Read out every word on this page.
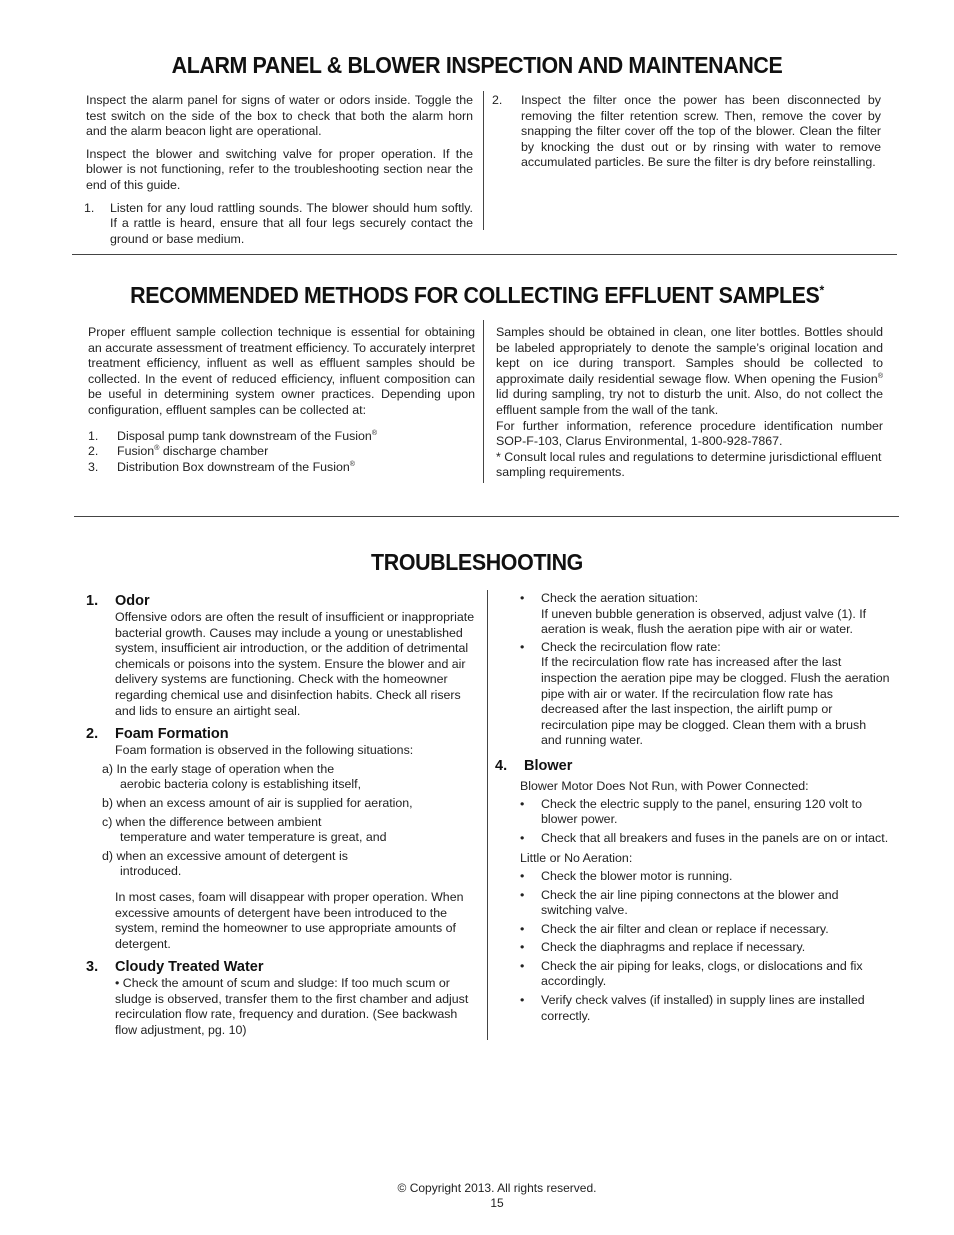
ALARM PANEL & BLOWER INSPECTION AND MAINTENANCE

Inspect the alarm panel for signs of water or odors inside. Toggle the test switch on the side of the box to check that both the alarm horn and the alarm beacon light are operational.

Inspect the blower and switching valve for proper operation. If the blower is not functioning, refer to the troubleshooting section near the end of this guide.

1. Listen for any loud rattling sounds. The blower should hum softly. If a rattle is heard, ensure that all four legs securely contact the ground or base medium.
2. Inspect the filter once the power has been disconnected by removing the filter retention screw. Then, remove the cover by snapping the filter cover off the top of the blower. Clean the filter by knocking the dust out or by rinsing with water to remove accumulated particles. Be sure the filter is dry before reinstalling.
RECOMMENDED METHODS FOR COLLECTING EFFLUENT SAMPLES*

Proper effluent sample collection technique is essential for obtaining an accurate assessment of treatment efficiency. To accurately interpret treatment efficiency, influent as well as effluent samples should be collected. In the event of reduced efficiency, influent composition can be useful in determining system owner practices. Depending upon configuration, effluent samples can be collected at:

1. Disposal pump tank downstream of the Fusion®
2. Fusion® discharge chamber
3. Distribution Box downstream of the Fusion®

Samples should be obtained in clean, one liter bottles. Bottles should be labeled appropriately to denote the sample’s original location and kept on ice during transport. Samples should be collected to approximate daily residential sewage flow. When opening the Fusion® lid during sampling, try not to disturb the unit. Also, do not collect the effluent sample from the wall of the tank.

For further information, reference procedure identification number SOP-F-103, Clarus Environmental, 1-800-928-7867.

* Consult local rules and regulations to determine jurisdictional effluent sampling requirements.

TROUBLESHOOTING
1. Odor

Offensive odors are often the result of insufficient or inappropriate bacterial growth. Causes may include a young or unestablished system, insufficient air introduction, or the addition of detrimental chemicals or poisons into the system. Ensure the blower and air delivery systems are functioning. Check with the homeowner regarding chemical use and disinfection habits. Check all risers and lids to ensure an airtight seal.

2. Foam Formation

Foam formation is observed in the following situations:

a) In the early stage of operation when the
aerobic bacteria colony is establishing itself,
b) when an excess amount of air is supplied for aeration,
c) when the difference between ambient
temperature and water temperature is great, and
d) when an excessive amount of detergent is
introduced.

In most cases, foam will disappear with proper operation. When excessive amounts of detergent have been introduced to the system, remind the homeowner to use appropriate amounts of detergent.

3. Cloudy Treated Water

• Check the amount of scum and sludge: If too much scum or sludge is observed, transfer them to the first chamber and adjust recirculation flow rate, frequency and duration. (See backwash flow adjustment, pg. 10)

• Check the aeration situation:
If uneven bubble generation is observed, adjust valve (1). If aeration is weak, flush the aeration pipe with air or water.
• Check the recirculation flow rate:
If the recirculation flow rate has increased after the last inspection the aeration pipe may be clogged. Flush the aeration pipe with air or water. If the recirculation flow rate has decreased after the last inspection, the airlift pump or recirculation pipe may be clogged. Clean them with a brush and running water.
4. Blower

Blower Motor Does Not Run, with Power Connected:

• Check the electric supply to the panel, ensuring 120 volt to blower power.
• Check that all breakers and fuses in the panels are on or intact.

Little or No Aeration:

• Check the blower motor is running.
• Check the air line piping connectons at the blower and switching valve.
• Check the air filter and clean or replace if necessary.
• Check the diaphragms and replace if necessary.
• Check the air piping for leaks, clogs, or dislocations and fix accordingly.
• Verify check valves (if installed) in supply lines are installed correctly.
© Copyright 2013. All rights reserved.
15
